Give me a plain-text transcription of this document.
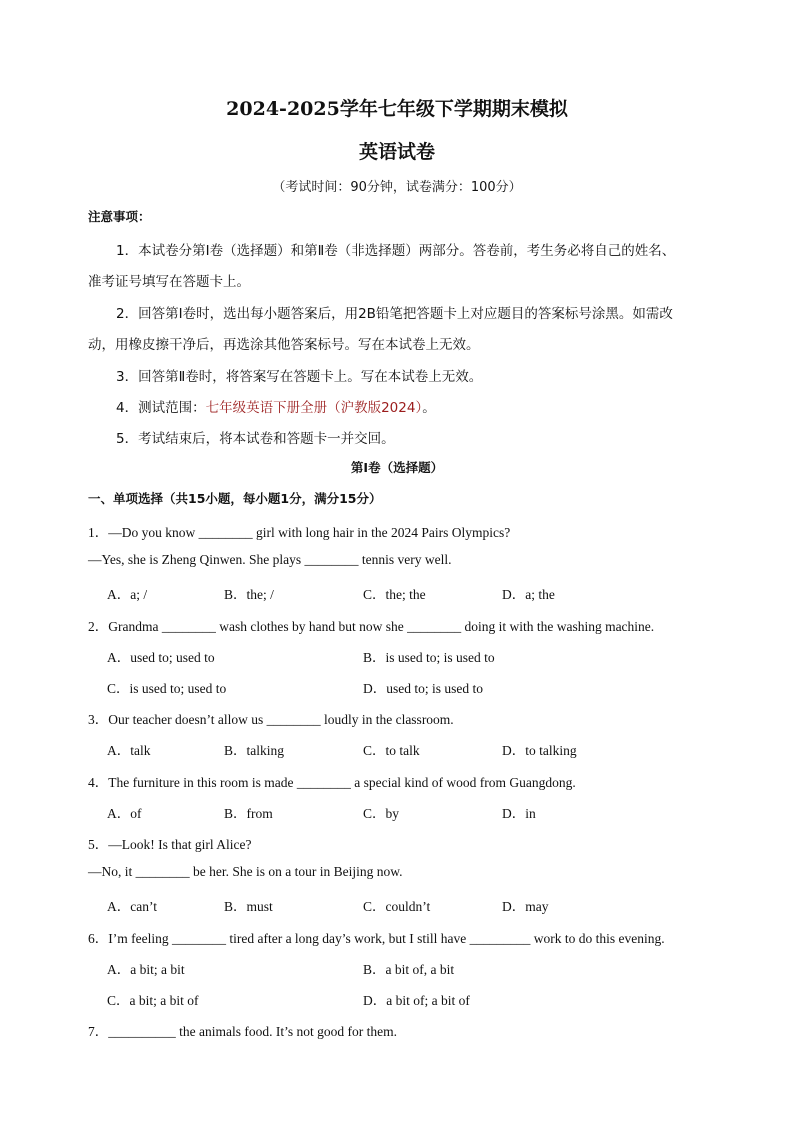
2024-2025学年七年级下学期期末模拟
英语试卷
（考试时间：90分钟，试卷满分：100分）
注意事项：
1．本试卷分第Ⅰ卷（选择题）和第Ⅱ卷（非选择题）两部分。答卷前，考生务必将自己的姓名、
准考证号填写在答题卡上。
2．回答第Ⅰ卷时，选出每小题答案后，用2B铅笔把答题卡上对应题目的答案标号涂黑。如需改
动，用橡皮擦干净后，再选涂其他答案标号。写在本试卷上无效。
3．回答第Ⅱ卷时，将答案写在答题卡上。写在本试卷上无效。
4．测试范围：七年级英语下册全册（沪教版2024）。
5．考试结束后，将本试卷和答题卡一并交回。
第Ⅰ卷（选择题）
一、单项选择（共15小题，每小题1分，满分15分）
1．—Do you know ________ girl with long hair in the 2024 Pairs Olympics?
—Yes, she is Zheng Qinwen. She plays ________ tennis very well.
A．a; /	B．the; /	C．the; the	D．a; the
2．Grandma ________ wash clothes by hand but now she ________ doing it with the washing machine.
A．used to; used to	B．is used to; is used to
C．is used to; used to	D．used to; is used to
3．Our teacher doesn’t allow us ________ loudly in the classroom.
A．talk	B．talking	C．to talk	D．to talking
4．The furniture in this room is made ________ a special kind of wood from Guangdong.
A．of	B．from	C．by	D．in
5．—Look! Is that girl Alice?
—No, it ________ be her. She is on a tour in Beijing now.
A．can’t	B．must	C．couldn’t	D．may
6．I’m feeling ________ tired after a long day’s work, but I still have _________ work to do this evening.
A．a bit; a bit	B．a bit of, a bit
C．a bit; a bit of	D．a bit of; a bit of
7．__________ the animals food. It’s not good for them.
